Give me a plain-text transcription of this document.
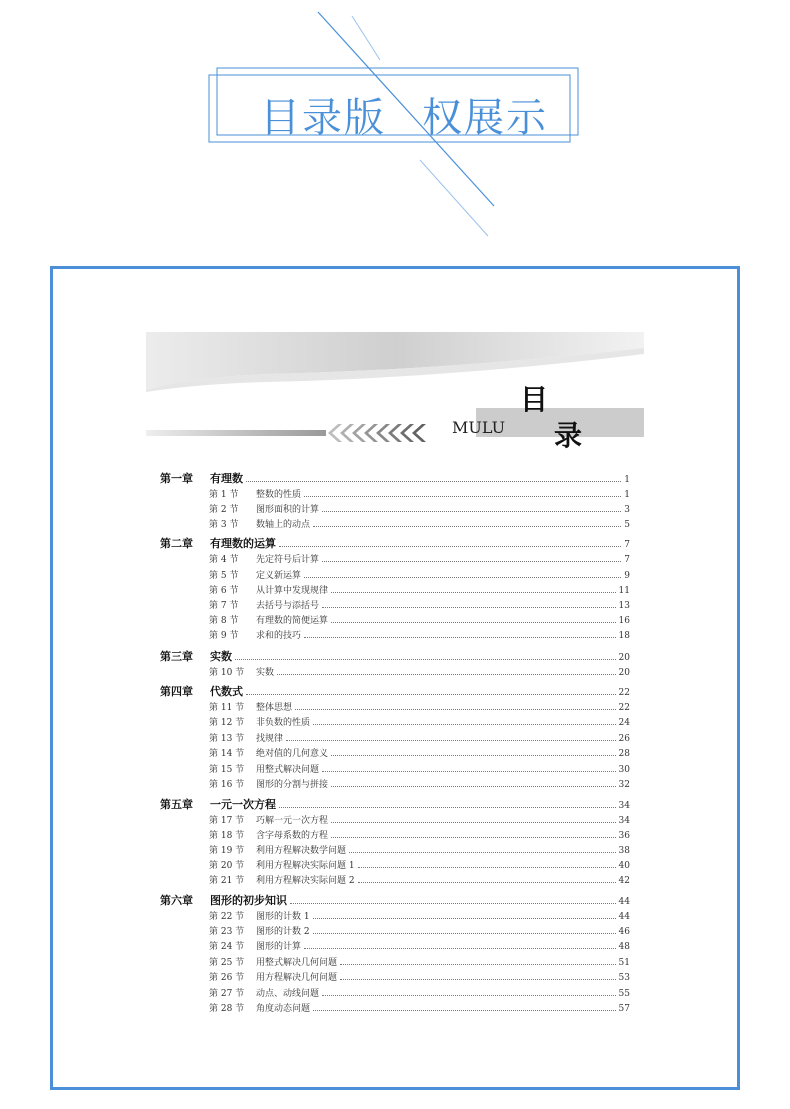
目录版 权展示
MULU
目
录
第一章	有理数	1
第 1 节	整数的性质	1
第 2 节	图形面积的计算	3
第 3 节	数轴上的动点	5
第二章	有理数的运算	7
第 4 节	先定符号后计算	7
第 5 节	定义新运算	9
第 6 节	从计算中发现规律	11
第 7 节	去括号与添括号	13
第 8 节	有理数的简便运算	16
第 9 节	求和的技巧	18
第三章	实数	20
第 10 节	实数	20
第四章	代数式	22
第 11 节	整体思想	22
第 12 节	非负数的性质	24
第 13 节	找规律	26
第 14 节	绝对值的几何意义	28
第 15 节	用整式解决问题	30
第 16 节	图形的分割与拼接	32
第五章	一元一次方程	34
第 17 节	巧解一元一次方程	34
第 18 节	含字母系数的方程	36
第 19 节	利用方程解决数学问题	38
第 20 节	利用方程解决实际问题 1	40
第 21 节	利用方程解决实际问题 2	42
第六章	图形的初步知识	44
第 22 节	图形的计数 1	44
第 23 节	图形的计数 2	46
第 24 节	图形的计算	48
第 25 节	用整式解决几何问题	51
第 26 节	用方程解决几何问题	53
第 27 节	动点、动线问题	55
第 28 节	角度动态问题	57
